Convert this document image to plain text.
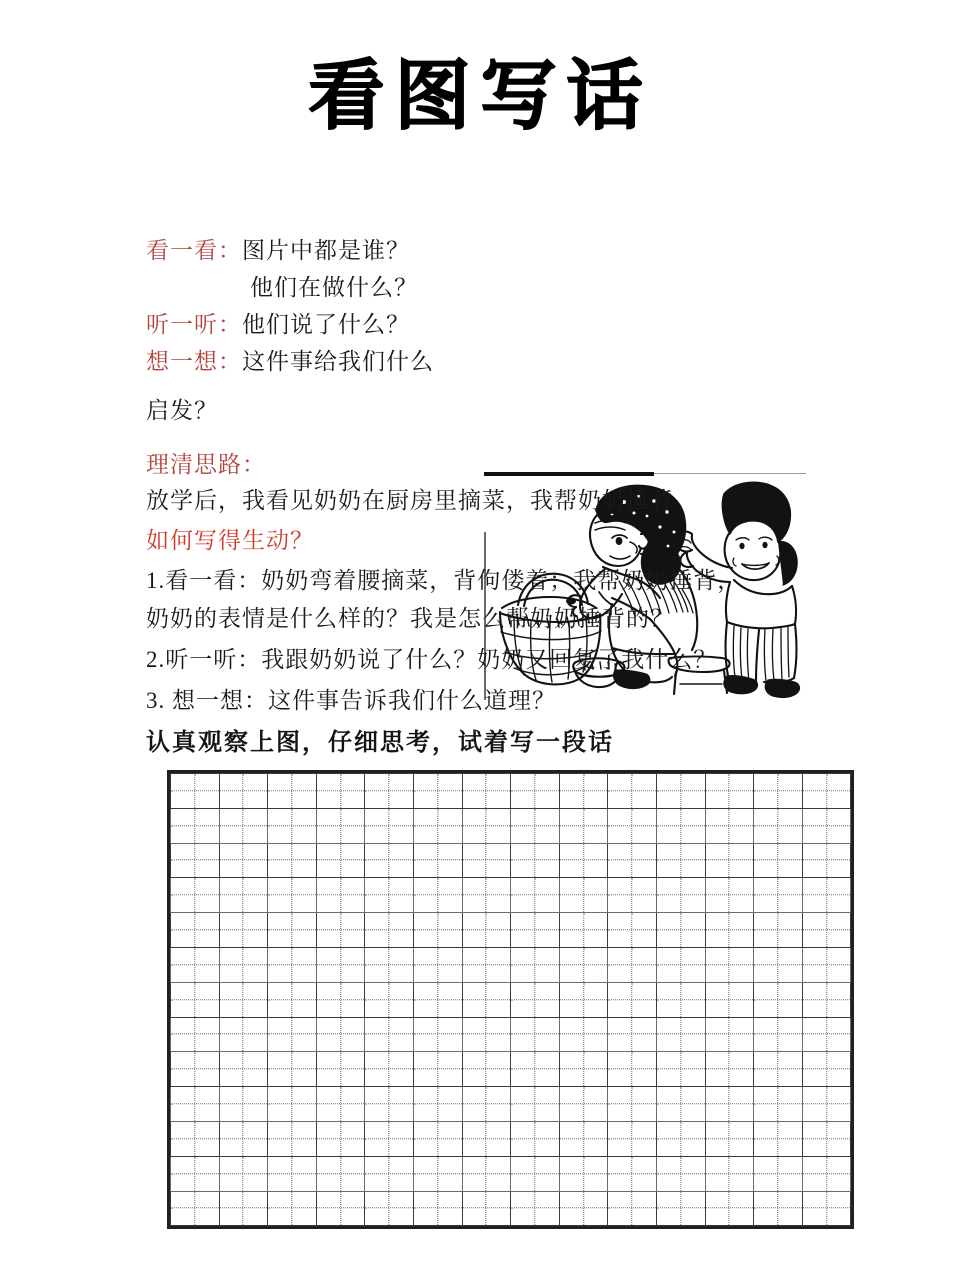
看图写话
看一看：图片中都是谁？
他们在做什么？
听一听：他们说了什么？
想一想：这件事给我们什么
启发？
理清思路：
放学后，我看见奶奶在厨房里摘菜，我帮奶奶捶背。
如何写得生动？
1.看一看：奶奶弯着腰摘菜，背佝偻着；我帮奶奶捶背，
奶奶的表情是什么样的？我是怎么帮奶奶捶背的？
2.听一听：我跟奶奶说了什么？奶奶又回复了我什么？
3. 想一想：这件事告诉我们什么道理？
认真观察上图，仔细思考，试着写一段话
